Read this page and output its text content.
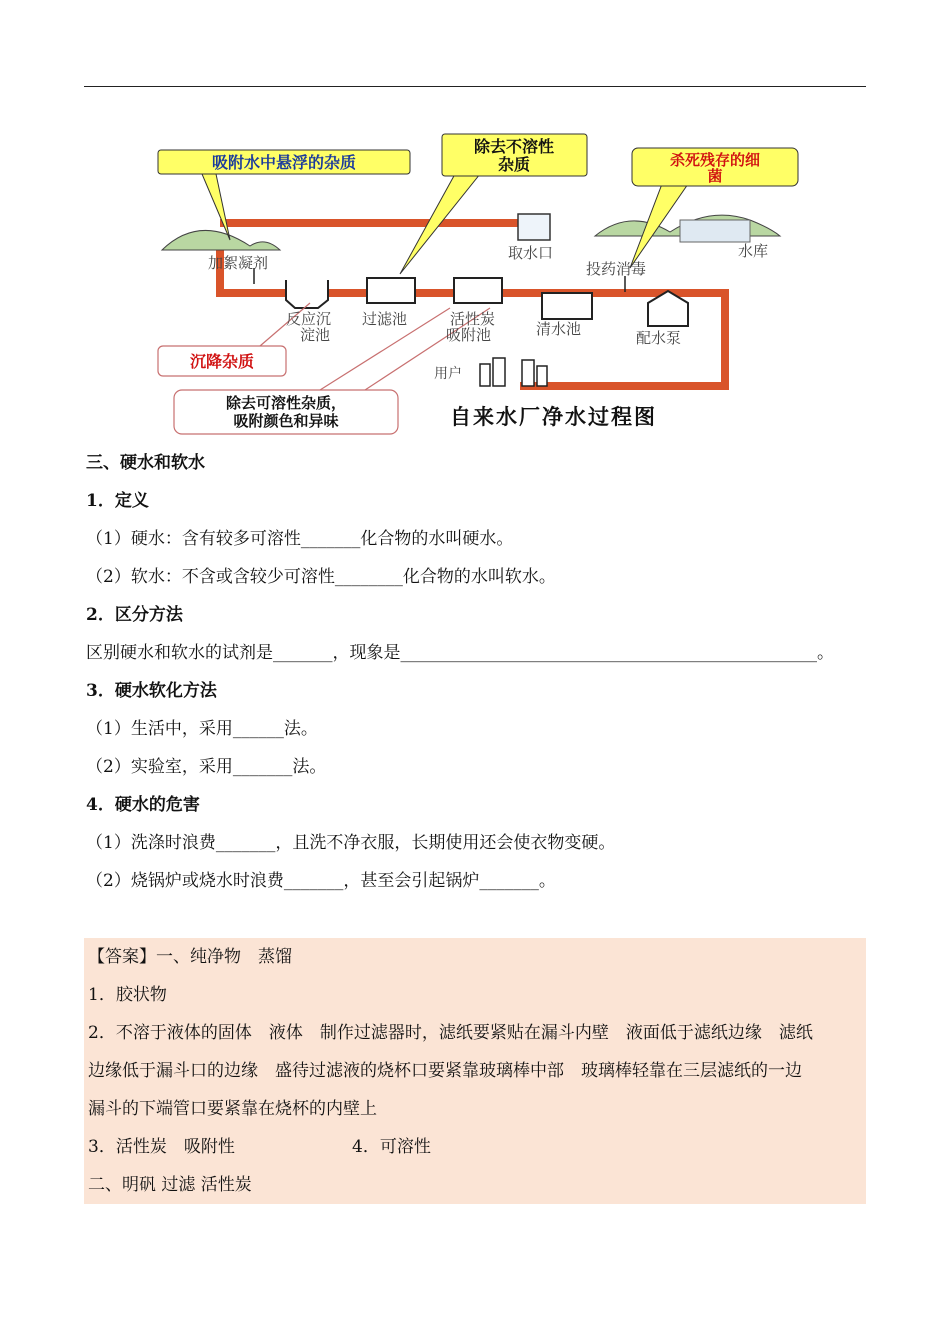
吸附水中悬浮的杂质
除去不溶性
杂质	杀死残存的细
菌
沉降杂质
除去可溶性杂质，
吸附颜色和异味
加絮凝剂
取水口	水库
投药消毒
反应沉
淀池
过滤池	活性炭
吸附池	清水池	配水泵
用户
自来水厂净水过程图
三、硬水和软水
1．定义
（1）硬水：含有较多可溶性_______化合物的水叫硬水。
（2）软水：不含或含较少可溶性________化合物的水叫软水。
2．区分方法
区别硬水和软水的试剂是_______，现象是_________________________________________________。
3．硬水软化方法
（1）生活中，采用______法。
（2）实验室，采用_______法。
4．硬水的危害
（1）洗涤时浪费_______，且洗不净衣服，长期使用还会使衣物变硬。
（2）烧锅炉或烧水时浪费_______，甚至会引起锅炉_______。
【答案】一、纯净物　蒸馏
1．胶状物
2．不溶于液体的固体　液体　制作过滤器时，滤纸要紧贴在漏斗内壁　液面低于滤纸边缘　滤纸
边缘低于漏斗口的边缘　盛待过滤液的烧杯口要紧靠玻璃棒中部　玻璃棒轻靠在三层滤纸的一边
漏斗的下端管口要紧靠在烧杯的内壁上
3．活性炭　吸附性	4．可溶性
二、明矾 过滤 活性炭
